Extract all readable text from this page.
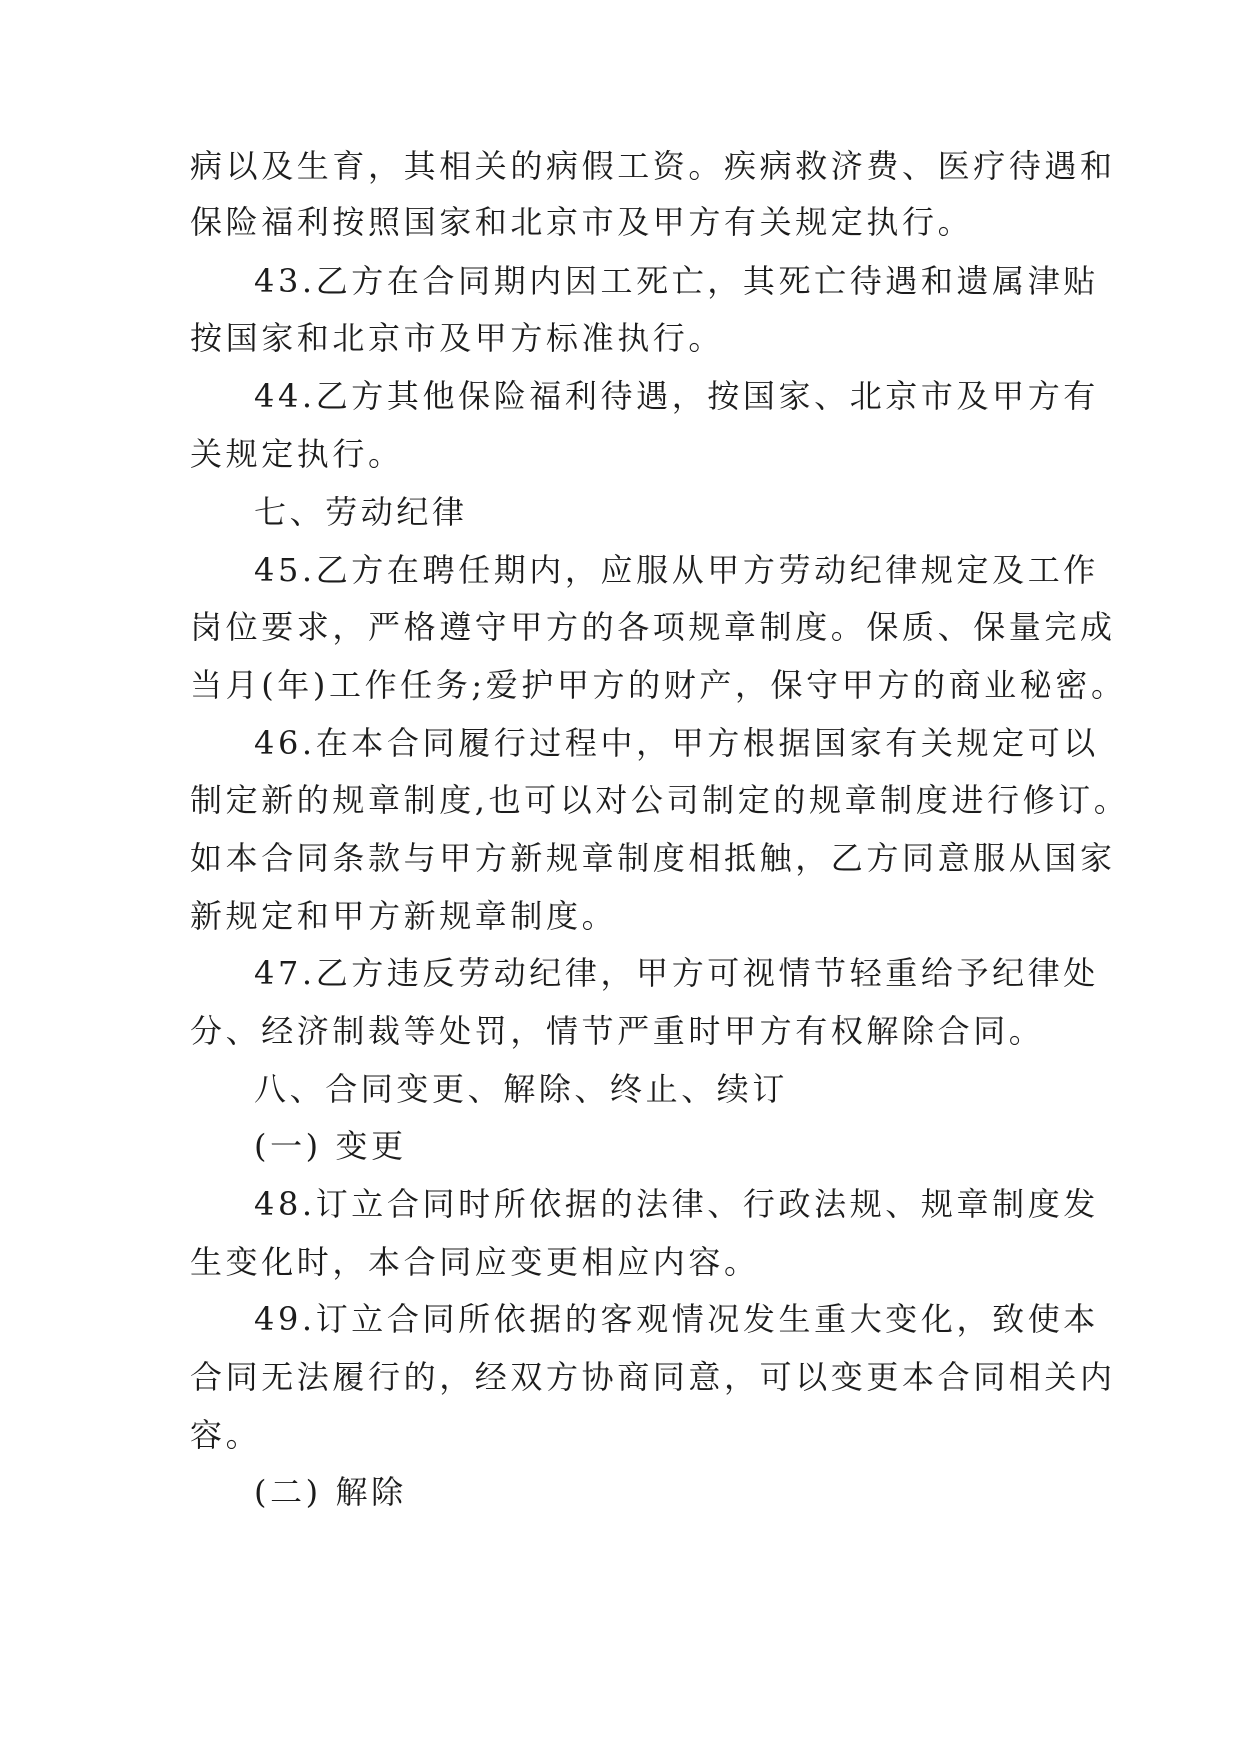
病以及生育，其相关的病假工资。疾病救济费、医疗待遇和
保险福利按照国家和北京市及甲方有关规定执行。
43.乙方在合同期内因工死亡，其死亡待遇和遗属津贴
按国家和北京市及甲方标准执行。
44.乙方其他保险福利待遇，按国家、北京市及甲方有
关规定执行。
七、劳动纪律
45.乙方在聘任期内，应服从甲方劳动纪律规定及工作
岗位要求，严格遵守甲方的各项规章制度。保质、保量完成
当月(年)工作任务;爱护甲方的财产，保守甲方的商业秘密。
46.在本合同履行过程中，甲方根据国家有关规定可以
制定新的规章制度,也可以对公司制定的规章制度进行修订。
如本合同条款与甲方新规章制度相抵触，乙方同意服从国家
新规定和甲方新规章制度。
47.乙方违反劳动纪律，甲方可视情节轻重给予纪律处
分、经济制裁等处罚，情节严重时甲方有权解除合同。
八、合同变更、解除、终止、续订
(一) 变更
48.订立合同时所依据的法律、行政法规、规章制度发
生变化时，本合同应变更相应内容。
49.订立合同所依据的客观情况发生重大变化，致使本
合同无法履行的，经双方协商同意，可以变更本合同相关内
容。
(二) 解除
